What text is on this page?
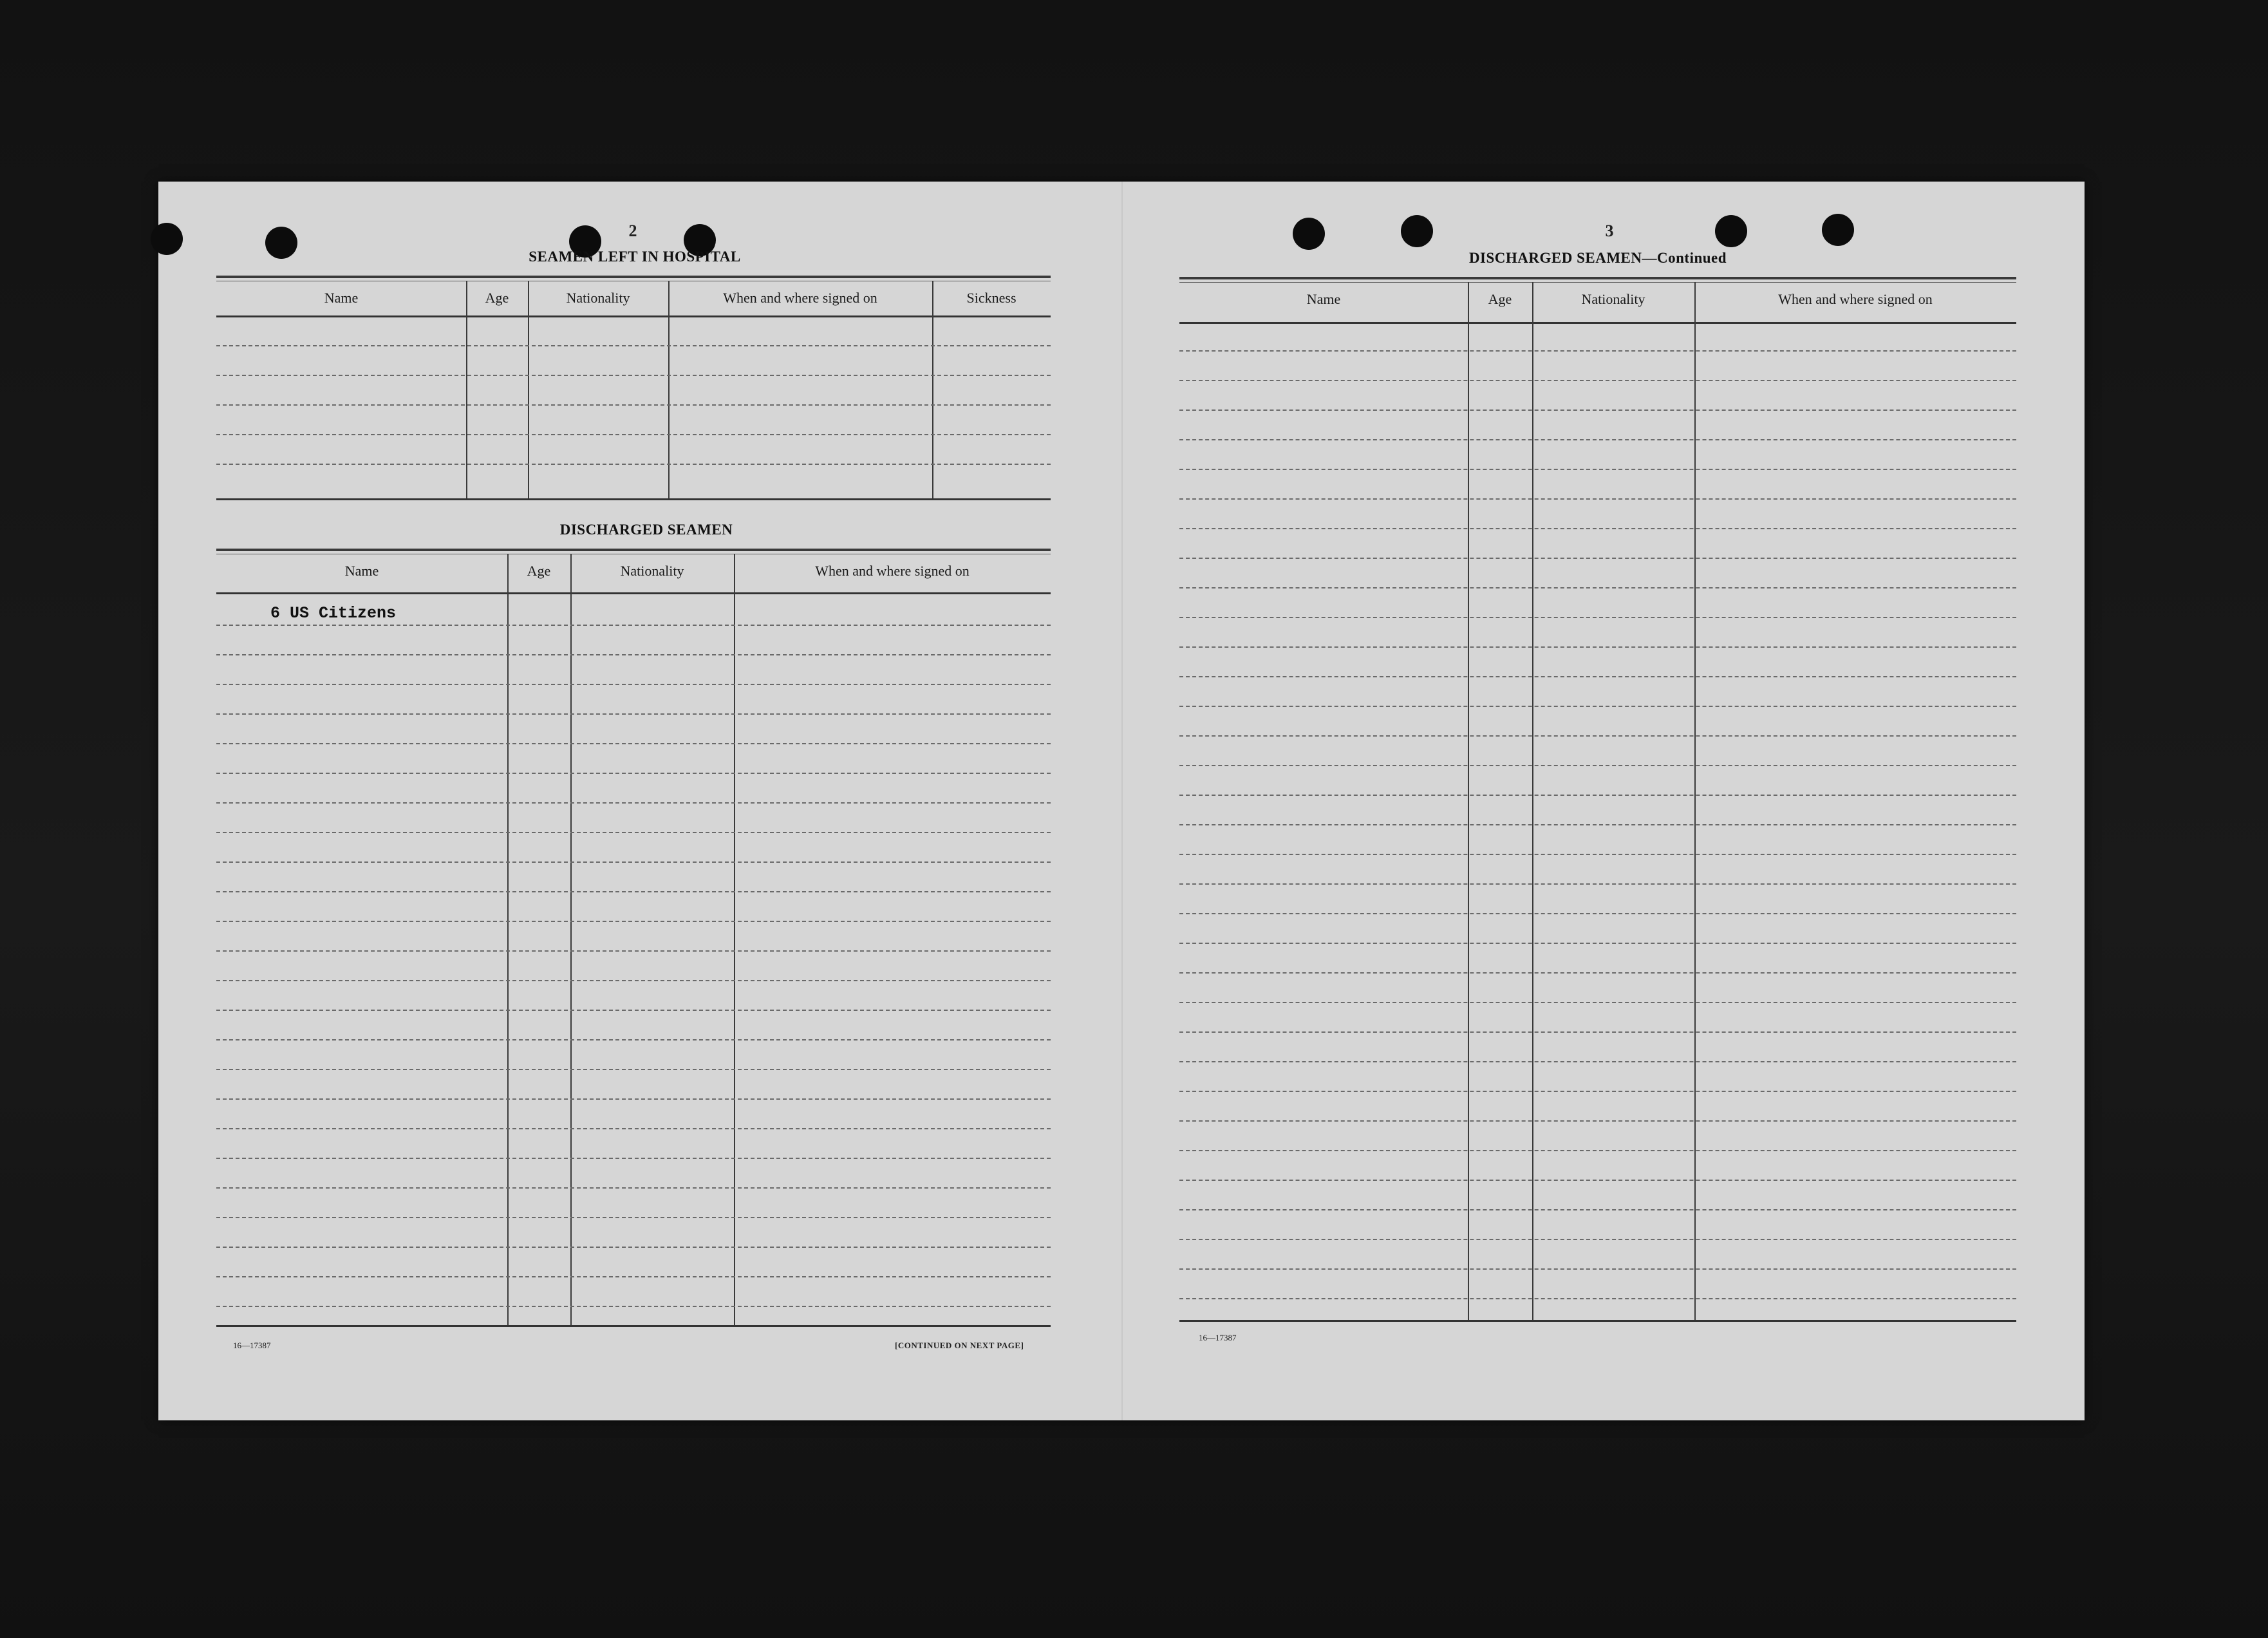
2
SEAMEN LEFT IN HOSPITAL
Name	Age	Nationality	When and where signed on	Sickness
DISCHARGED SEAMEN
Name	Age	Nationality	When and where signed on
6 US Citizens
16—17387	[CONTINUED ON NEXT PAGE]
3
DISCHARGED SEAMEN—Continued
Name	Age	Nationality	When and where signed on
16—17387
